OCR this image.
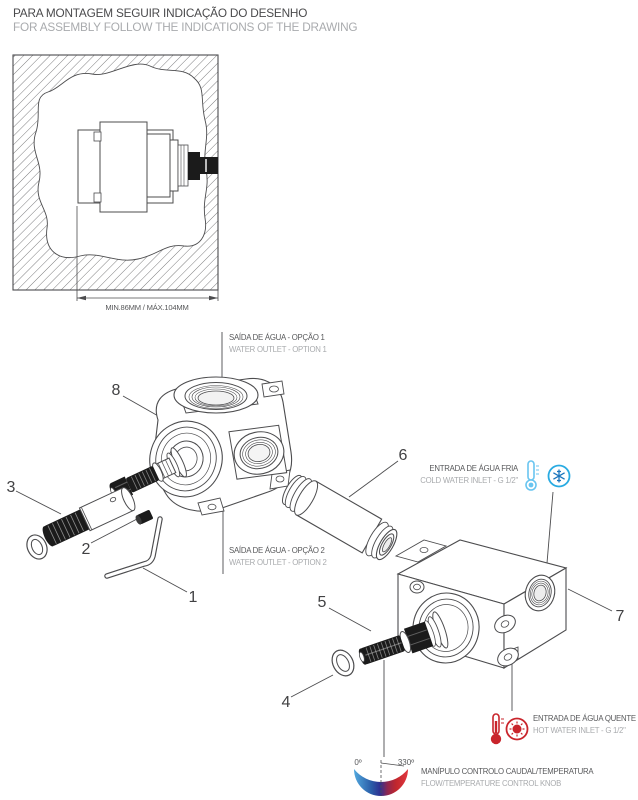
PARA MONTAGEM SEGUIR INDICAÇÃO DO DESENHO
FOR ASSEMBLY FOLLOW THE INDICATIONS OF THE DRAWING
MIN.86MM / MÁX.104MM
0º	330º
SAÍDA DE ÁGUA - OPÇÃO 1
WATER OUTLET - OPTION 1
SAÍDA DE ÁGUA - OPÇÃO 2
WATER OUTLET - OPTION 2
ENTRADA DE ÁGUA FRIA
COLD WATER INLET - G 1/2"
ENTRADA DE ÁGUA QUENTE
HOT WATER INLET - G 1/2"
MANÍPULO CONTROLO CAUDAL/TEMPERATURA
FLOW/TEMPERATURE CONTROL KNOB
1
2
3
4
5
6
7
8
